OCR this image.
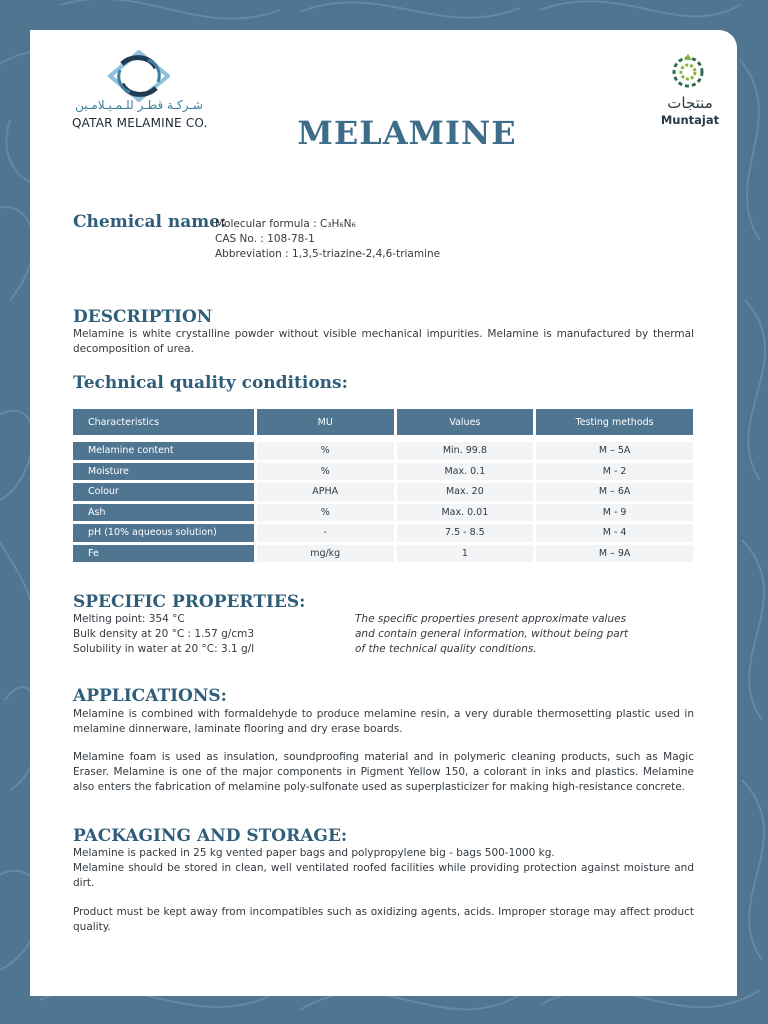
شـركـة قطـر للـمـيـلامـين
QATAR MELAMINE CO.
منتجات
Muntajat
MELAMINE
Chemical name:
Molecular formula : C₃H₆N₆
CAS No. : 108-78-1
Abbreviation : 1,3,5-triazine-2,4,6-triamine
DESCRIPTION
Melamine is white crystalline powder without visible mechanical impurities. Melamine is manufactured by thermal decomposition of urea.
Technical quality conditions:
Characteristics	MU	Values	Testing methods

Melamine content	%	Min. 99.8	M – 5A
Moisture	%	Max. 0.1	M - 2
Colour	APHA	Max. 20	M – 6A
Ash	%	Max. 0.01	M - 9
pH (10% aqueous solution)	-	7.5 - 8.5	M - 4
Fe	mg/kg	1	M – 9A
SPECIFIC PROPERTIES:
Melting point: 354 °C
Bulk density at 20 °C : 1.57 g/cm3
Solubility in water at 20 °C: 3.1 g/l
The specific properties present approximate values
and contain general information, without being part
of the technical quality conditions.
APPLICATIONS:
Melamine is combined with formaldehyde to produce melamine resin, a very durable thermosetting plastic used in melamine dinnerware, laminate flooring and dry erase boards.
Melamine foam is used as insulation, soundproofing material and in polymeric cleaning products, such as Magic Eraser. Melamine is one of the major components in Pigment Yellow 150, a colorant in inks and plastics. Melamine also enters the fabrication of melamine poly-sulfonate used as superplasticizer for making high-resistance concrete.
PACKAGING AND STORAGE:
Melamine is packed in 25 kg vented paper bags and polypropylene big - bags 500-1000 kg.
Melamine should be stored in clean, well ventilated roofed facilities while providing protection against moisture and dirt.
Product must be kept away from incompatibles such as oxidizing agents, acids. Improper storage may affect product quality.
